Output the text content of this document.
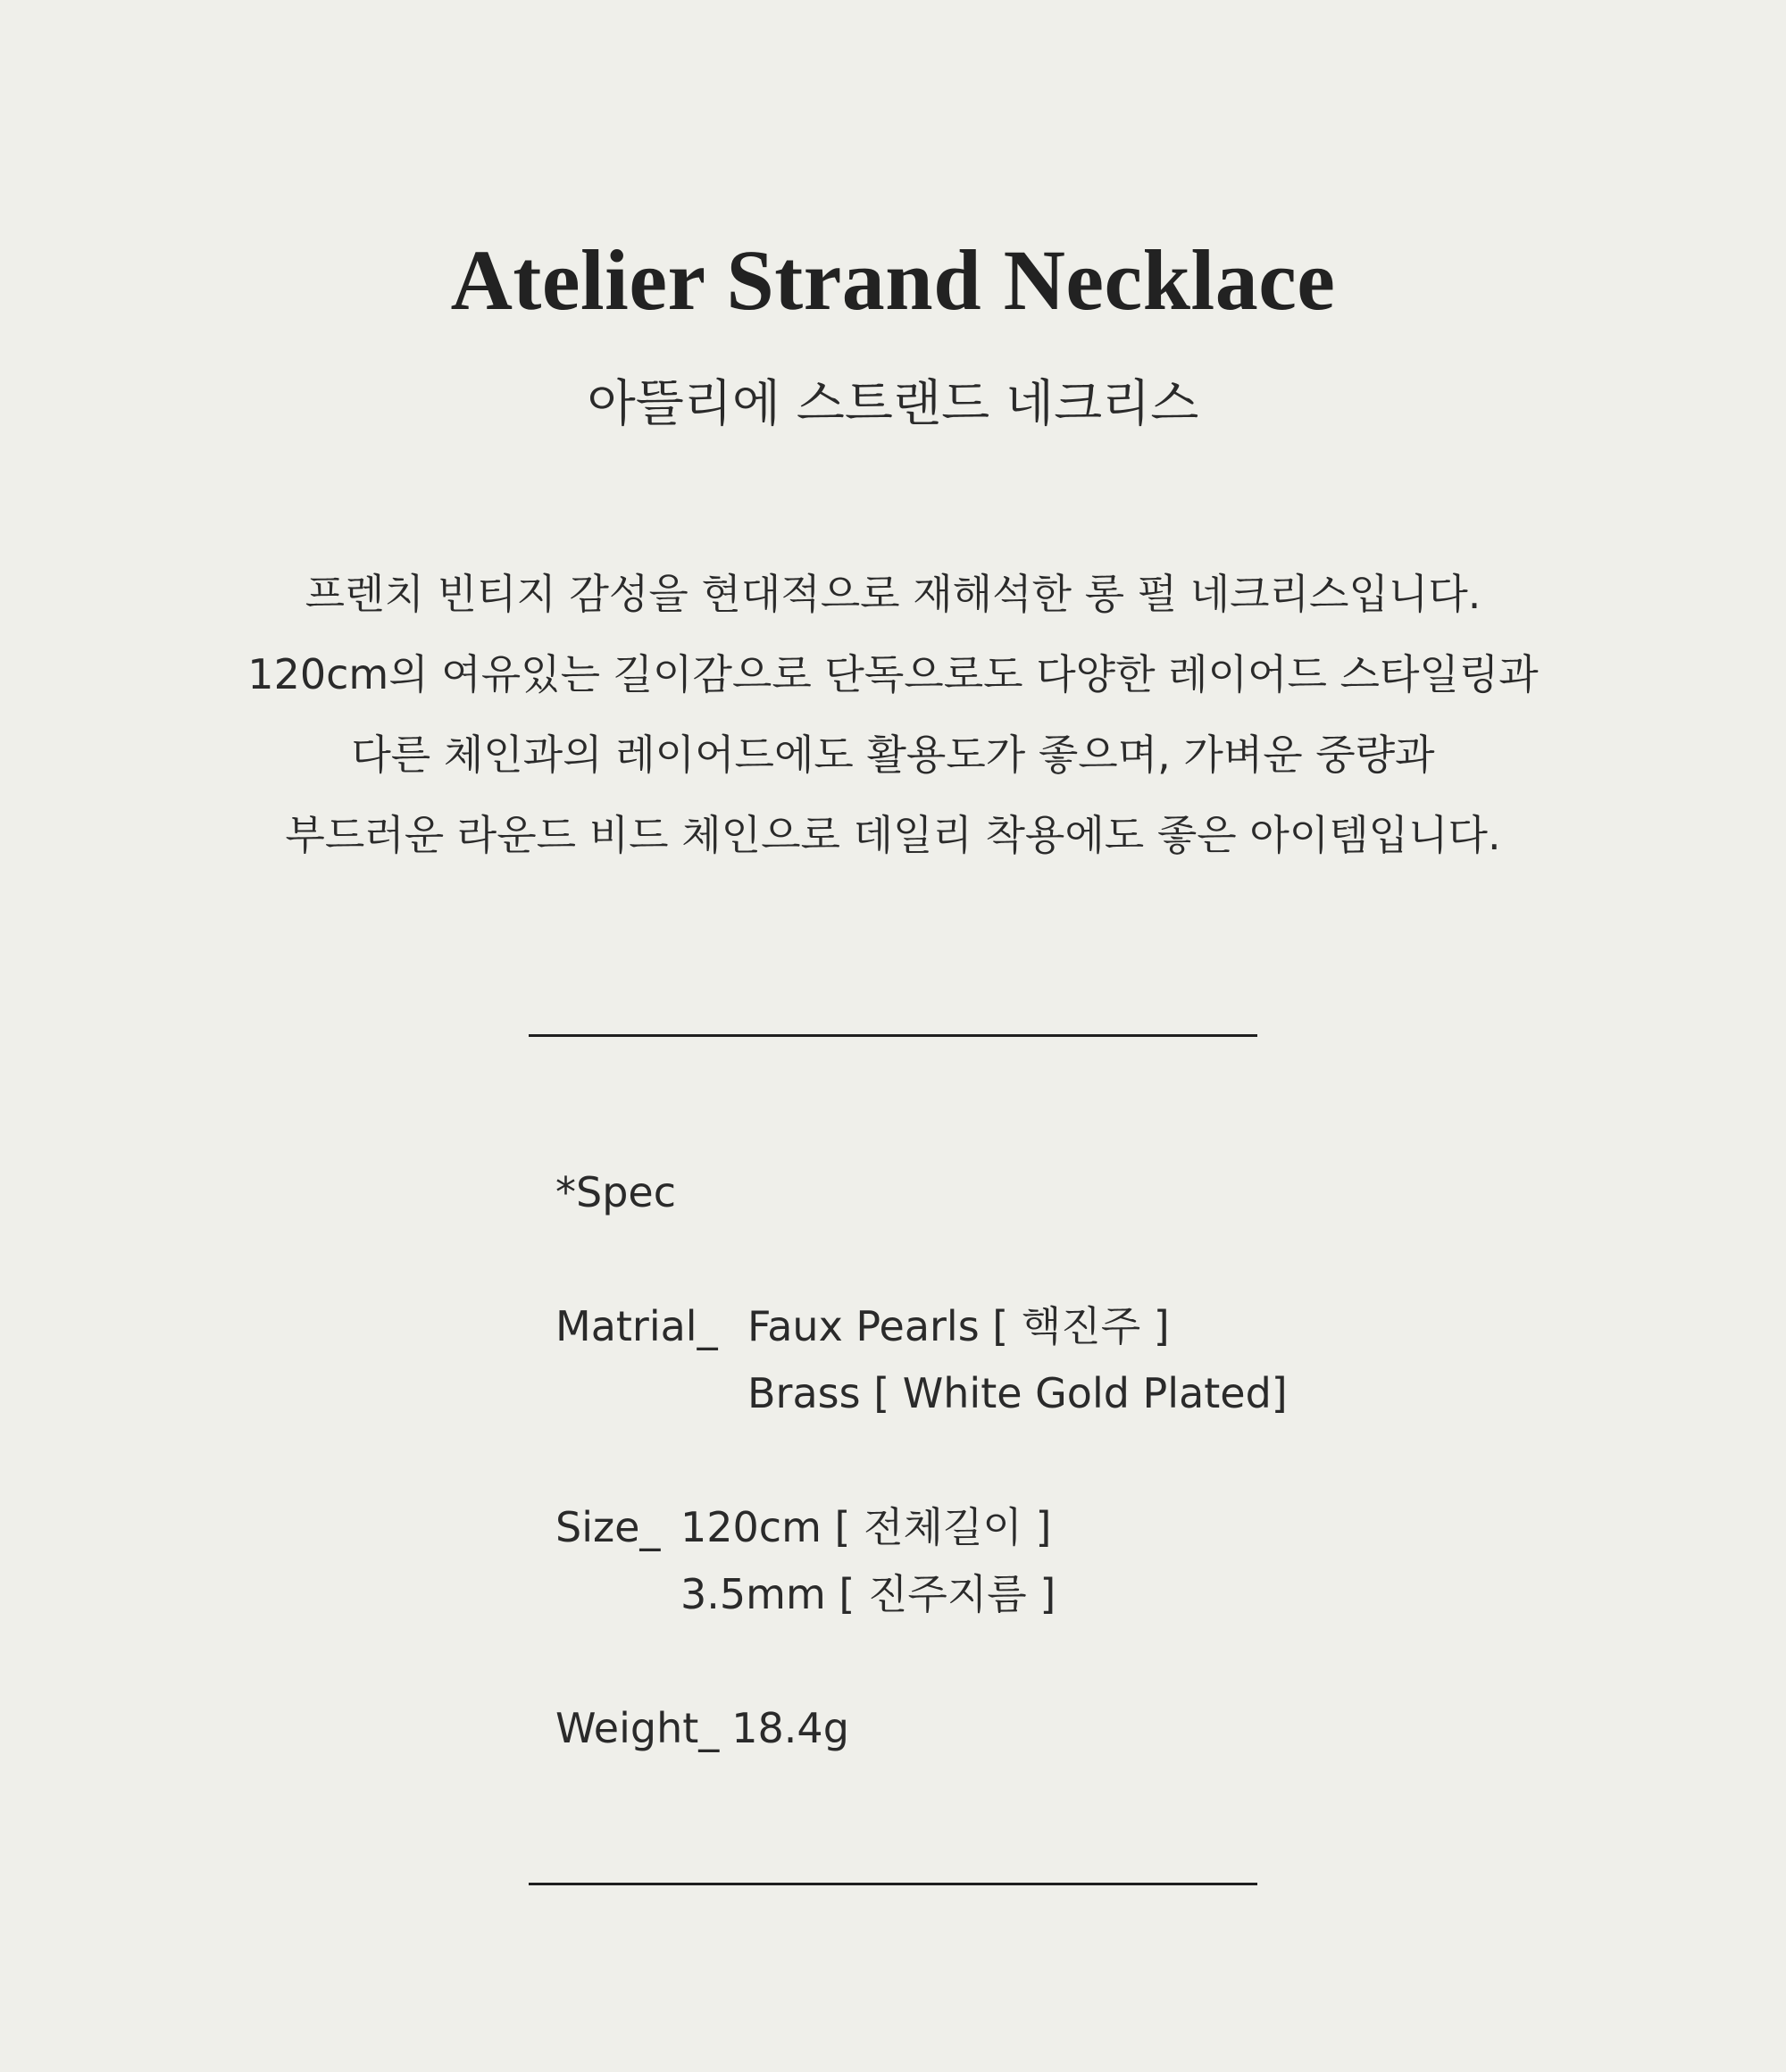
Atelier Strand Necklace
아뜰리에 스트랜드 네크리스
프렌치 빈티지 감성을 현대적으로 재해석한 롱 펄 네크리스입니다.
120cm의 여유있는 길이감으로 단독으로도 다양한 레이어드 스타일링과
다른 체인과의 레이어드에도 활용도가 좋으며, 가벼운 중량과
부드러운 라운드 비드 체인으로 데일리 착용에도 좋은 아이템입니다.
*Spec
Matrial_ Faux Pearls [ 핵진주 ]
Brass [ White Gold Plated]
Size_ 120cm [ 전체길이 ]
3.5mm [ 진주지름 ]
Weight_ 18.4g
